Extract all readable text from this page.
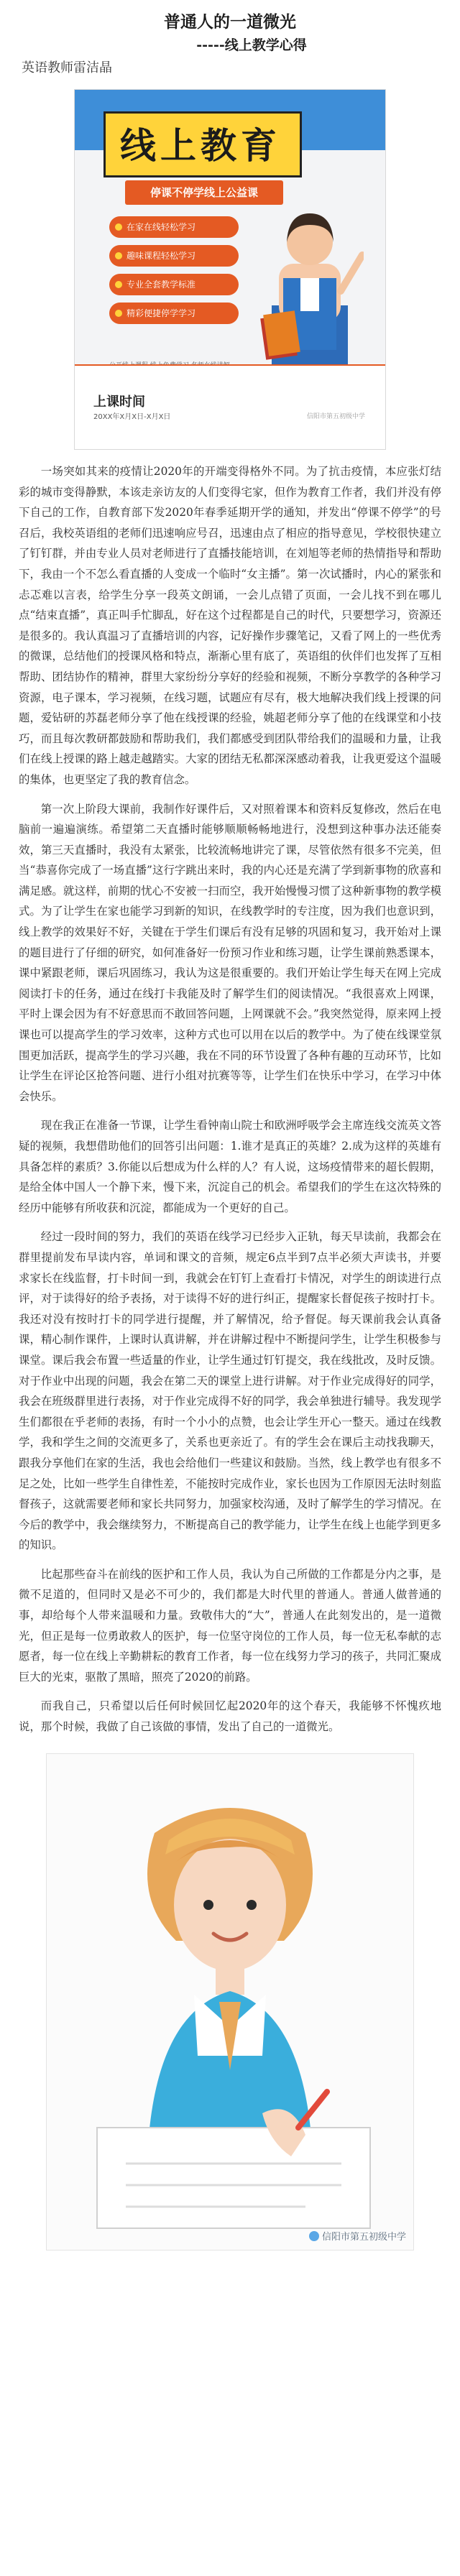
普通人的一道微光
-----线上教学心得
英语教师雷洁晶
线上教育
停课不停学线上公益课
在家在线轻松学习
趣味课程轻松学习
专业全套教学标准
精彩便捷停学学习
上课时间
20XX年X月X日-X月X日	信阳市第五初级中学
一场突如其来的疫情让2020年的开端变得格外不同。为了抗击疫情，本应张灯结彩的城市变得静默，本该走亲访友的人们变得宅家，但作为教育工作者，我们并没有停下自己的工作，自教育部下发2020年春季延期开学的通知，并发出“停课不停学”的号召后，我校英语组的老师们迅速响应号召，迅速由点了相应的指导意见，学校很快建立了钉钉群，并由专业人员对老师进行了直播技能培训，在刘旭等老师的热情指导和帮助下，我由一个不怎么看直播的人变成一个临时“女主播”。第一次试播时，内心的紧张和忐忑难以言表，给学生分享一段英文朗诵，一会儿点错了页面，一会儿找不到在哪儿点“结束直播”，真正叫手忙脚乱，好在这个过程都是自己的时代，只要想学习，资源还是很多的。我认真温习了直播培训的内容，记好操作步骤笔记，又看了网上的一些优秀的微课，总结他们的授课风格和特点，渐渐心里有底了，英语组的伙伴们也发挥了互相帮助、团结协作的精神，群里大家纷纷分享好的经验和视频，不断分享教学的各种学习资源，电子课本，学习视频，在线习题，试题应有尽有，极大地解决我们线上授课的问题，爱钻研的苏磊老师分享了他在线授课的经验，姚超老师分享了他的在线课堂和小技巧，而且每次教研都鼓励和帮助我们，我们都感受到团队带给我们的温暖和力量，让我们在线上授课的路上越走越踏实。大家的团结无私都深深感动着我，让我更爱这个温暖的集体，也更坚定了我的教育信念。
第一次上阶段大课前，我制作好课件后，又对照着课本和资料反复修改，然后在电脑前一遍遍演练。希望第二天直播时能够顺顺畅畅地进行，没想到这种事办法还能奏效，第三天直播时，我没有太紧张，比较流畅地讲完了课，尽管依然有很多不完美，但当“恭喜你完成了一场直播”这行字跳出来时，我的内心还是充满了学到新事物的欣喜和满足感。就这样，前期的忧心不安被一扫而空，我开始慢慢习惯了这种新事物的教学模式。为了让学生在家也能学习到新的知识，在线教学时的专注度，因为我们也意识到，线上教学的效果好不好，关键在于学生们课后有没有足够的巩固和复习，我开始对上课的题目进行了仔细的研究，如何准备好一份预习作业和练习题，让学生课前熟悉课本，课中紧跟老师，课后巩固练习，我认为这是很重要的。我们开始让学生每天在网上完成阅读打卡的任务，通过在线打卡我能及时了解学生们的阅读情况。“我很喜欢上网课，平时上课会因为有不好意思而不敢回答问题，上网课就不会。”我突然觉得，原来网上授课也可以提高学生的学习效率，这种方式也可以用在以后的教学中。为了使在线课堂氛围更加活跃，提高学生的学习兴趣，我在不同的环节设置了各种有趣的互动环节，比如让学生在评论区抢答问题、进行小组对抗赛等等，让学生们在快乐中学习，在学习中体会快乐。
现在我正在准备一节课，让学生看钟南山院士和欧洲呼吸学会主席连线交流英文答疑的视频，我想借助他们的回答引出问题：1.谁才是真正的英雄？2.成为这样的英雄有具备怎样的素质？3.你能以后想成为什么样的人？有人说，这场疫情带来的超长假期，是给全体中国人一个静下来，慢下来，沉淀自己的机会。希望我们的学生在这次特殊的经历中能够有所收获和沉淀，都能成为一个更好的自己。
经过一段时间的努力，我们的英语在线学习已经步入正轨，每天早读前，我都会在群里提前发布早读内容，单词和课文的音频，规定6点半到7点半必须大声读书，并要求家长在线监督，打卡时间一到，我就会在钉钉上查看打卡情况，对学生的朗读进行点评，对于读得好的给予表扬，对于读得不好的进行纠正，提醒家长督促孩子按时打卡。我还对没有按时打卡的同学进行提醒，并了解情况，给予督促。每天课前我会认真备课，精心制作课件，上课时认真讲解，并在讲解过程中不断提问学生，让学生积极参与课堂。课后我会布置一些适量的作业，让学生通过钉钉提交，我在线批改，及时反馈。对于作业中出现的问题，我会在第二天的课堂上进行讲解。对于作业完成得好的同学，我会在班级群里进行表扬，对于作业完成得不好的同学，我会单独进行辅导。我发现学生们都很在乎老师的表扬，有时一个小小的点赞，也会让学生开心一整天。通过在线教学，我和学生之间的交流更多了，关系也更亲近了。有的学生会在课后主动找我聊天，跟我分享他们在家的生活，我也会给他们一些建议和鼓励。当然，线上教学也有很多不足之处，比如一些学生自律性差，不能按时完成作业，家长也因为工作原因无法时刻监督孩子，这就需要老师和家长共同努力，加强家校沟通，及时了解学生的学习情况。在今后的教学中，我会继续努力，不断提高自己的教学能力，让学生在线上也能学到更多的知识。
比起那些奋斗在前线的医护和工作人员，我认为自己所做的工作都是分内之事，是微不足道的，但同时又是必不可少的，我们都是大时代里的普通人。普通人做普通的事，却给每个人带来温暖和力量。致敬伟大的“大”，普通人在此刻发出的，是一道微光，但正是每一位勇敢救人的医护，每一位坚守岗位的工作人员，每一位无私奉献的志愿者，每一位在线上辛勤耕耘的教育工作者，每一位在线努力学习的孩子，共同汇聚成巨大的光束，驱散了黑暗，照亮了2020的前路。
而我自己，只希望以后任何时候回忆起2020年的这个春天，我能够不怀愧疚地说，那个时候，我做了自己该做的事情，发出了自己的一道微光。
信阳市第五初级中学
